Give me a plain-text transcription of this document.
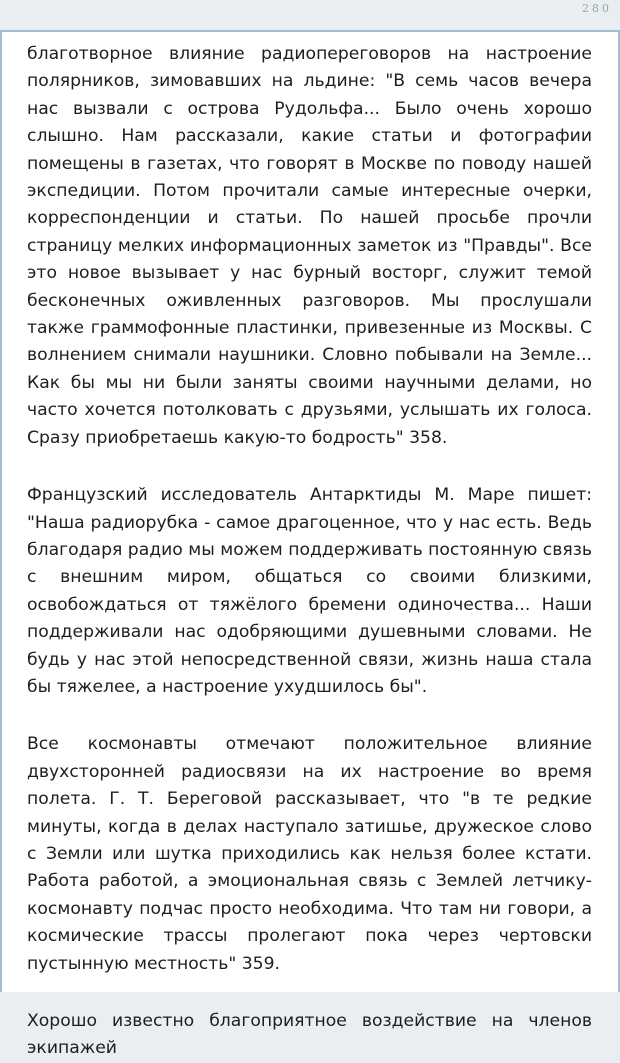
280

благотворное влияние радиопереговоров на настроение полярников, зимовавших на льдине: "В семь часов вечера нас вызвали с острова Рудольфа... Было очень хорошо слышно. Нам рассказали, какие статьи и фотографии помещены в газетах, что говорят в Москве по поводу нашей экспедиции. Потом прочитали самые интересные очерки, корреспонденции и статьи. По нашей просьбе прочли страницу мелких информационных заметок из "Правды". Все это новое вызывает у нас бурный восторг, служит темой бесконечных оживленных разговоров. Мы прослушали также граммофонные пластинки, привезенные из Москвы. С волнением снимали наушники. Словно побывали на Земле... Как бы мы ни были заняты своими научными делами, но часто хочется потолковать с друзьями, услышать их голоса. Сразу приобретаешь какую-то бодрость" 358.

Французский исследователь Антарктиды М. Маре пишет: "Наша радиорубка - самое драгоценное, что у нас есть. Ведь благодаря радио мы можем поддерживать постоянную связь с внешним миром, общаться со своими близкими, освобождаться от тяжёлого бремени одиночества... Наши поддерживали нас одобряющими душевными словами. Не будь у нас этой непосредственной связи, жизнь наша стала бы тяжелее, а настроение ухудшилось бы".

Все космонавты отмечают положительное влияние двухсторонней радиосвязи на их настроение во время полета. Г. Т. Береговой рассказывает, что "в те редкие минуты, когда в делах наступало затишье, дружеское слово с Земли или шутка приходились как нельзя более кстати. Работа работой, а эмоциональная связь с Землей летчику-космонавту подчас просто необходима. Что там ни говори, а космические трассы пролегают пока через чертовски пустынную местность" 359.

Хорошо известно благоприятное воздействие на членов экипажей
